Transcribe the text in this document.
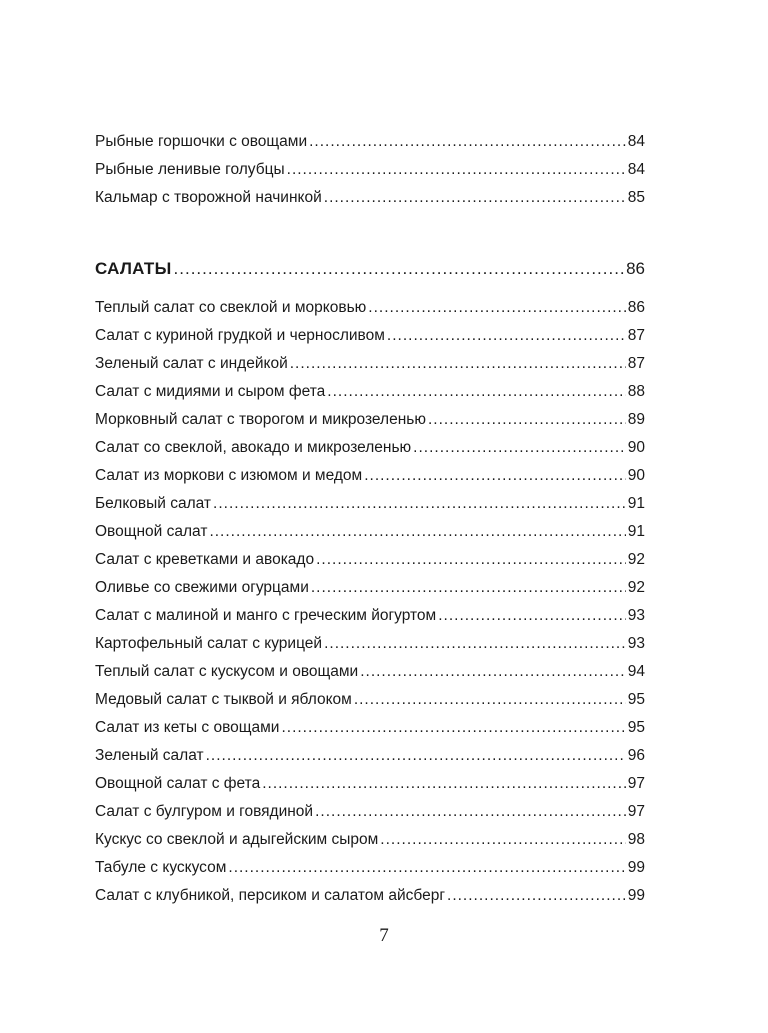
Рыбные горшочки с овощами .....	84
Рыбные ленивые голубцы .....	84
Кальмар с творожной начинкой .....	85
САЛАТЫ .....	86
Теплый салат со свеклой и морковью .....	86
Салат с куриной грудкой и черносливом .....	87
Зеленый салат с индейкой .....	87
Салат с мидиями и сыром фета .....	88
Морковный салат с творогом и микрозеленью .....	89
Салат со свеклой, авокадо и микрозеленью .....	90
Салат из моркови с изюмом и медом .....	90
Белковый салат .....	91
Овощной салат .....	91
Салат с креветками и авокадо .....	92
Оливье со свежими огурцами .....	92
Салат с малиной и манго с греческим йогуртом .....	93
Картофельный салат с курицей .....	93
Теплый салат с кускусом и овощами .....	94
Медовый салат с тыквой и яблоком .....	95
Салат из кеты с овощами .....	95
Зеленый салат .....	96
Овощной салат с фета .....	97
Салат с булгуром и говядиной .....	97
Кускус со свеклой и адыгейским сыром .....	98
Табуле с кускусом .....	99
Салат с клубникой, персиком и салатом айсберг .....	99
7
